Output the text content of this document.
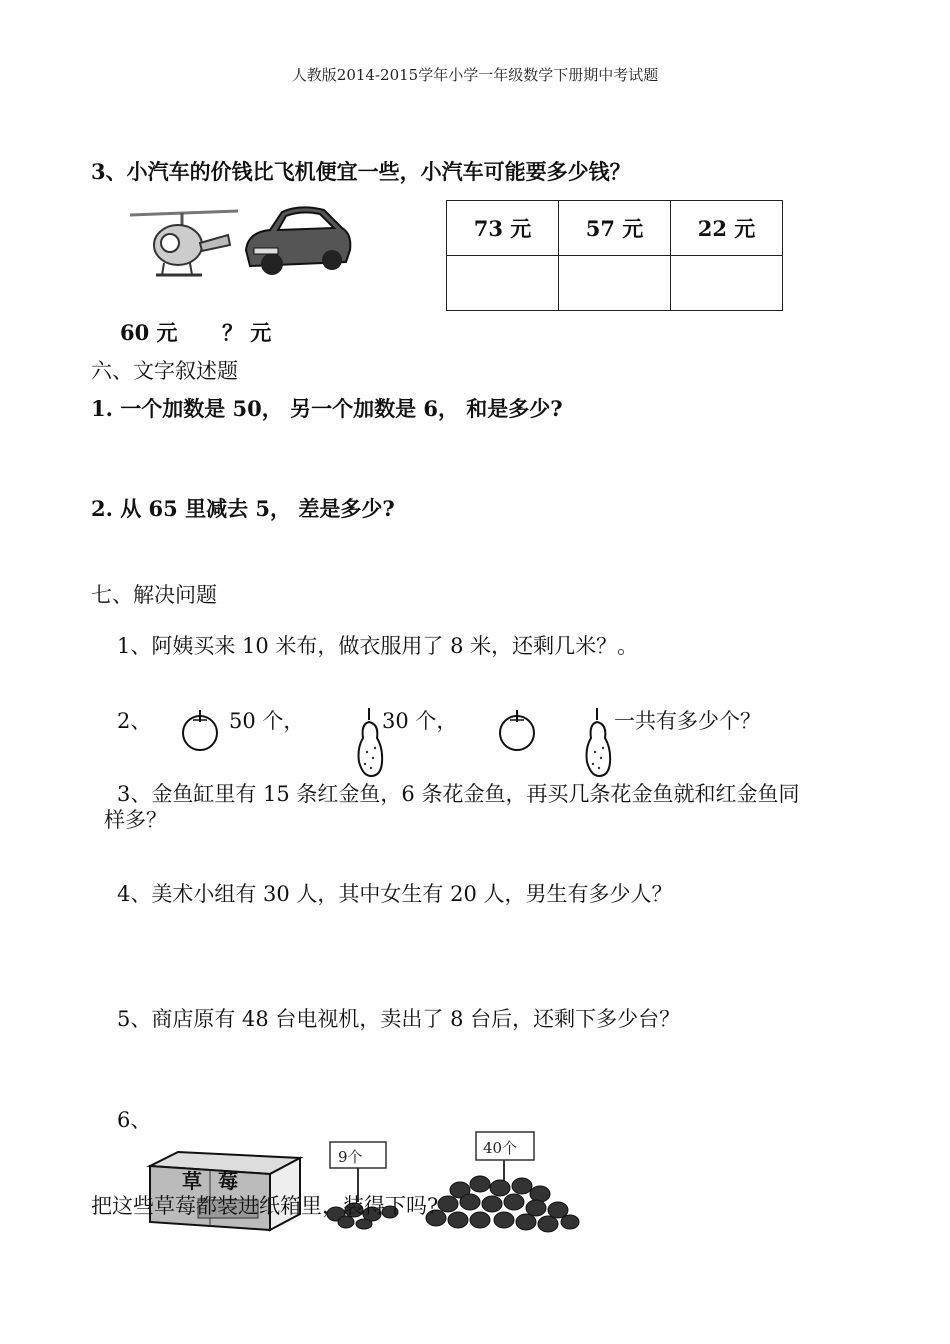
人教版2014-2015学年小学一年级数学下册期中考试题
3、小汽车的价钱比飞机便宜一些，小汽车可能要多少钱？
60 元 ？ 元
73 元	57 元	22 元

六、文字叙述题
1. 一个加数是 50， 另一个加数是 6， 和是多少?
2. 从 65 里减去 5， 差是多少?
七、解决问题
1、阿姨买来 10 米布，做衣服用了 8 米，还剩几米？。
2、	50 个，	30 个，	一共有多少个？
3、金鱼缸里有 15 条红金鱼，6 条花金鱼，再买几条花金鱼就和红金鱼同
样多？
4、美术小组有 30 人，其中女生有 20 人，男生有多少人？
5、商店原有 48 台电视机，卖出了 8 台后，还剩下多少台？
6、
草莓
9个	40个
把这些草莓都装进纸箱里，装得下吗?
